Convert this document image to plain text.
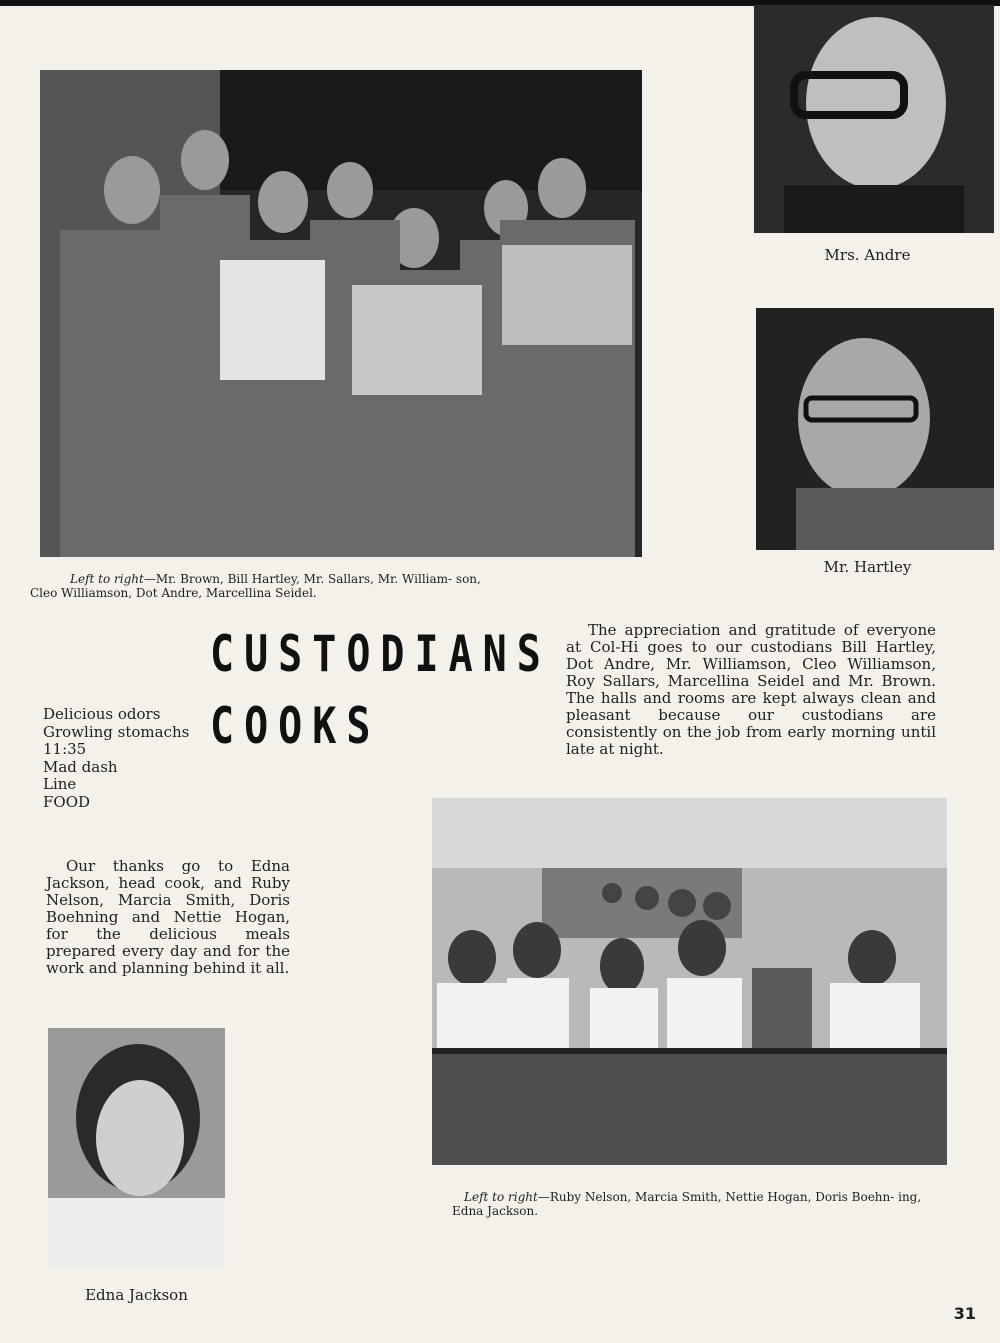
Left to right—Mr. Brown, Bill Hartley, Mr. Sallars, Mr. William- son, Cleo Williamson, Dot Andre, Marcellina Seidel.
Mrs. Andre
Mr. Hartley
CUSTODIANS
COOKS
Delicious odors
Growling stomachs
11:35
Mad dash
Line
FOOD
The appreciation and gratitude of everyone at Col-Hi goes to our custodians Bill Hartley, Dot Andre, Mr. Williamson, Cleo Williamson, Roy Sallars, Marcellina Seidel and Mr. Brown. The halls and rooms are kept always clean and pleasant because our custodians are consistently on the job from early morning until late at night.
Left to right—Ruby Nelson, Marcia Smith, Nettie Hogan, Doris Boehn- ing, Edna Jackson.
Our thanks go to Edna Jackson, head cook, and Ruby Nelson, Marcia Smith, Doris Boehning and Nettie Hogan, for the delicious meals prepared every day and for the work and planning behind it all.
Edna Jackson
31
